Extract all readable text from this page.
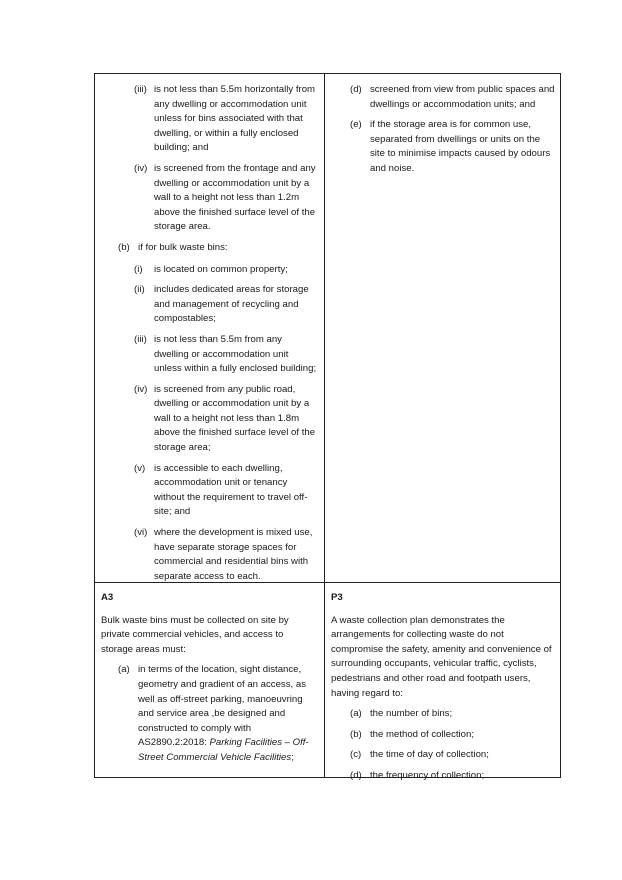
(iii) is not less than 5.5m horizontally from any dwelling or accommodation unit unless for bins associated with that dwelling, or within a fully enclosed building; and
(iv) is screened from the frontage and any dwelling or accommodation unit by a wall to a height not less than 1.2m above the finished surface level of the storage area.
(b) if for bulk waste bins:
(i)	is located on common property;
(ii) includes dedicated areas for storage and management of recycling and compostables;
(iii) is not less than 5.5m from any dwelling or accommodation unit unless within a fully enclosed building;
(iv) is screened from any public road, dwelling or accommodation unit by a wall to a height not less than 1.8m above the finished surface level of the storage area;
(v) is accessible to each dwelling, accommodation unit or tenancy without the requirement to travel off-site; and
(vi) where the development is mixed use, have separate storage spaces for commercial and residential bins with separate access to each.
(d) screened from view from public spaces and dwellings or accommodation units; and
(e) if the storage area is for common use, separated from dwellings or units on the site to minimise impacts caused by odours and noise.
A3
Bulk waste bins must be collected on site by private commercial vehicles, and access to storage areas must:
(a) in terms of the location, sight distance, geometry and gradient of an access, as well as off-street parking, manoeuvring and service area ,be designed and constructed to comply with AS2890.2:2018: Parking Facilities – Off-Street Commercial Vehicle Facilities;
P3
A waste collection plan demonstrates the arrangements for collecting waste do not compromise the safety, amenity and convenience of surrounding occupants, vehicular traffic, cyclists, pedestrians and other road and footpath users, having regard to:
(a) the number of bins;
(b) the method of collection;
(c) the time of day of collection;
(d) the frequency of collection;
